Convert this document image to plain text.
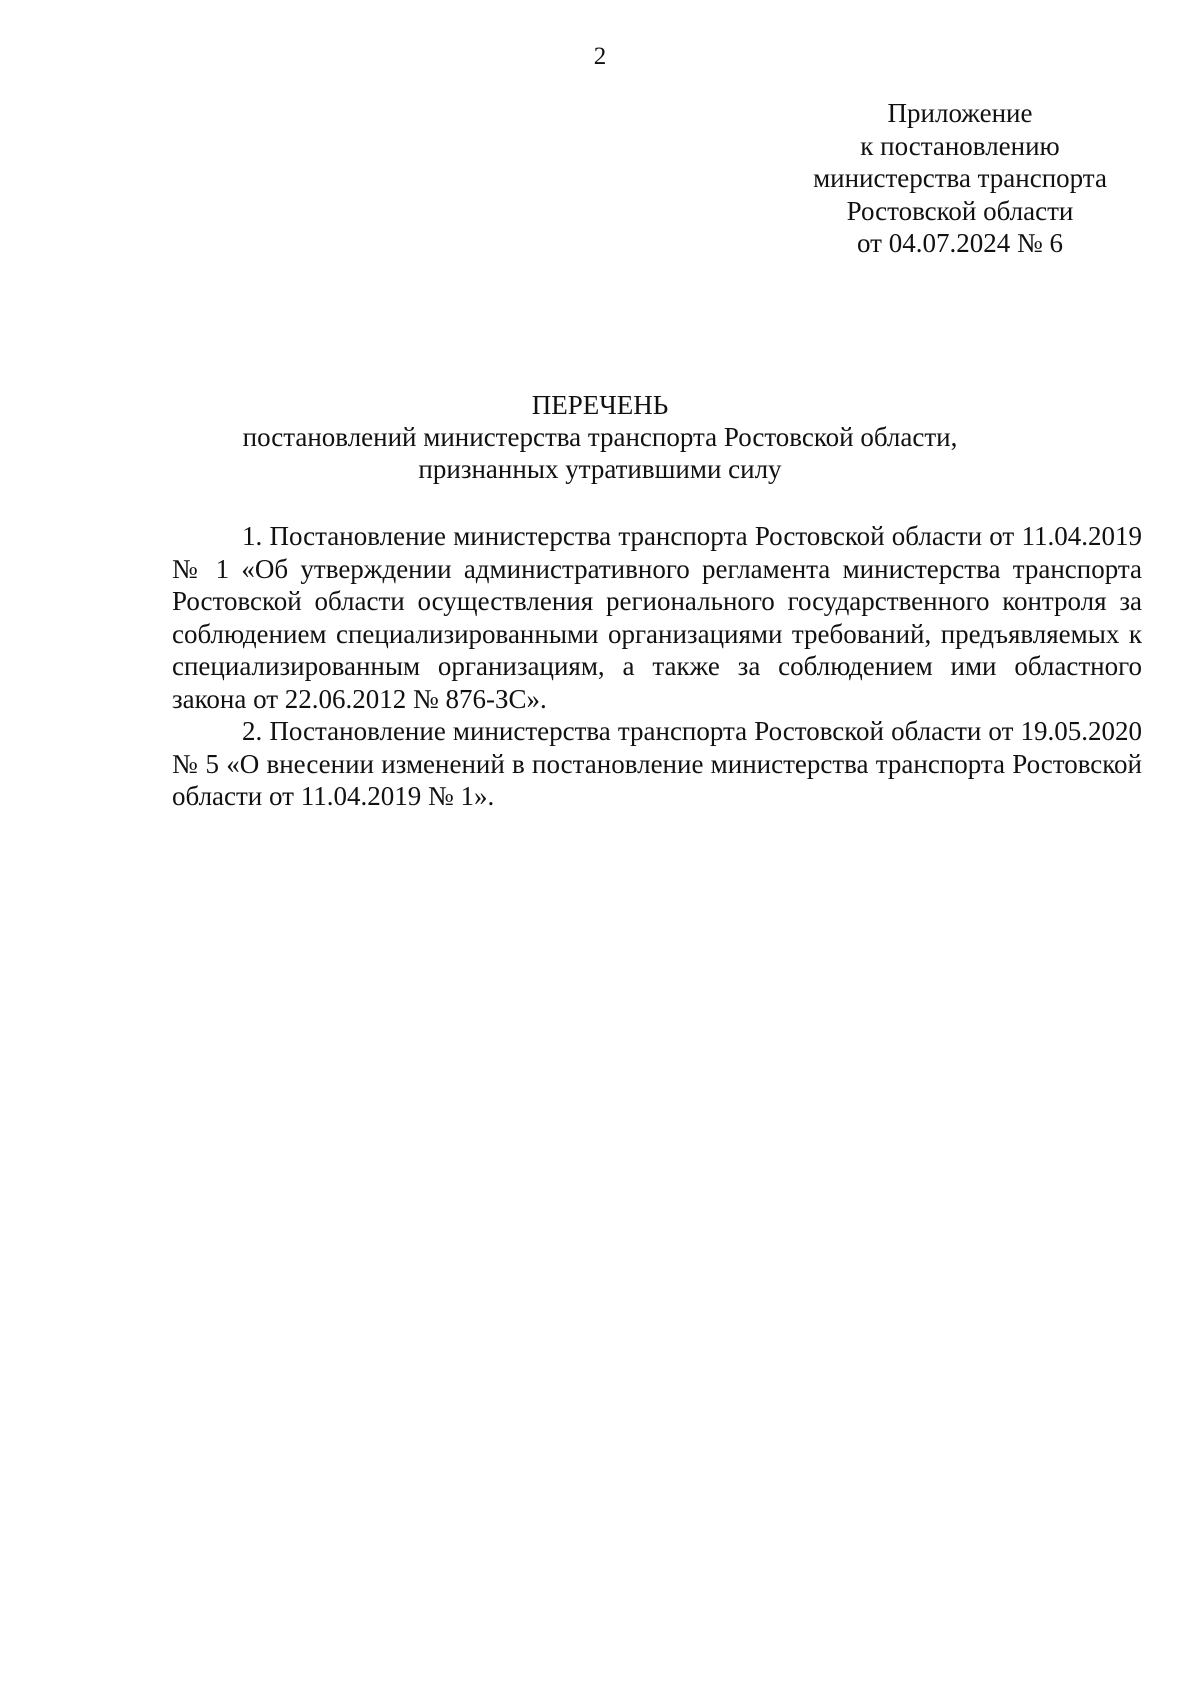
2
Приложение
к постановлению
министерства транспорта
Ростовской области
от 04.07.2024 № 6
ПЕРЕЧЕНЬ
постановлений министерства транспорта Ростовской области,
признанных утратившими силу

1. Постановление министерства транспорта Ростовской области от 11.04.2019 № 1 «Об утверждении административного регламента министерства транспорта Ростовской области осуществления регионального государственного контроля за соблюдением специализированными организациями требований, предъявляемых к специализированным организациям, а также за соблюдением ими областного закона от 22.06.2012 № 876-ЗС».

2. Постановление министерства транспорта Ростовской области от 19.05.2020 № 5 «О внесении изменений в постановление министерства транспорта Ростовской области от 11.04.2019 № 1».
